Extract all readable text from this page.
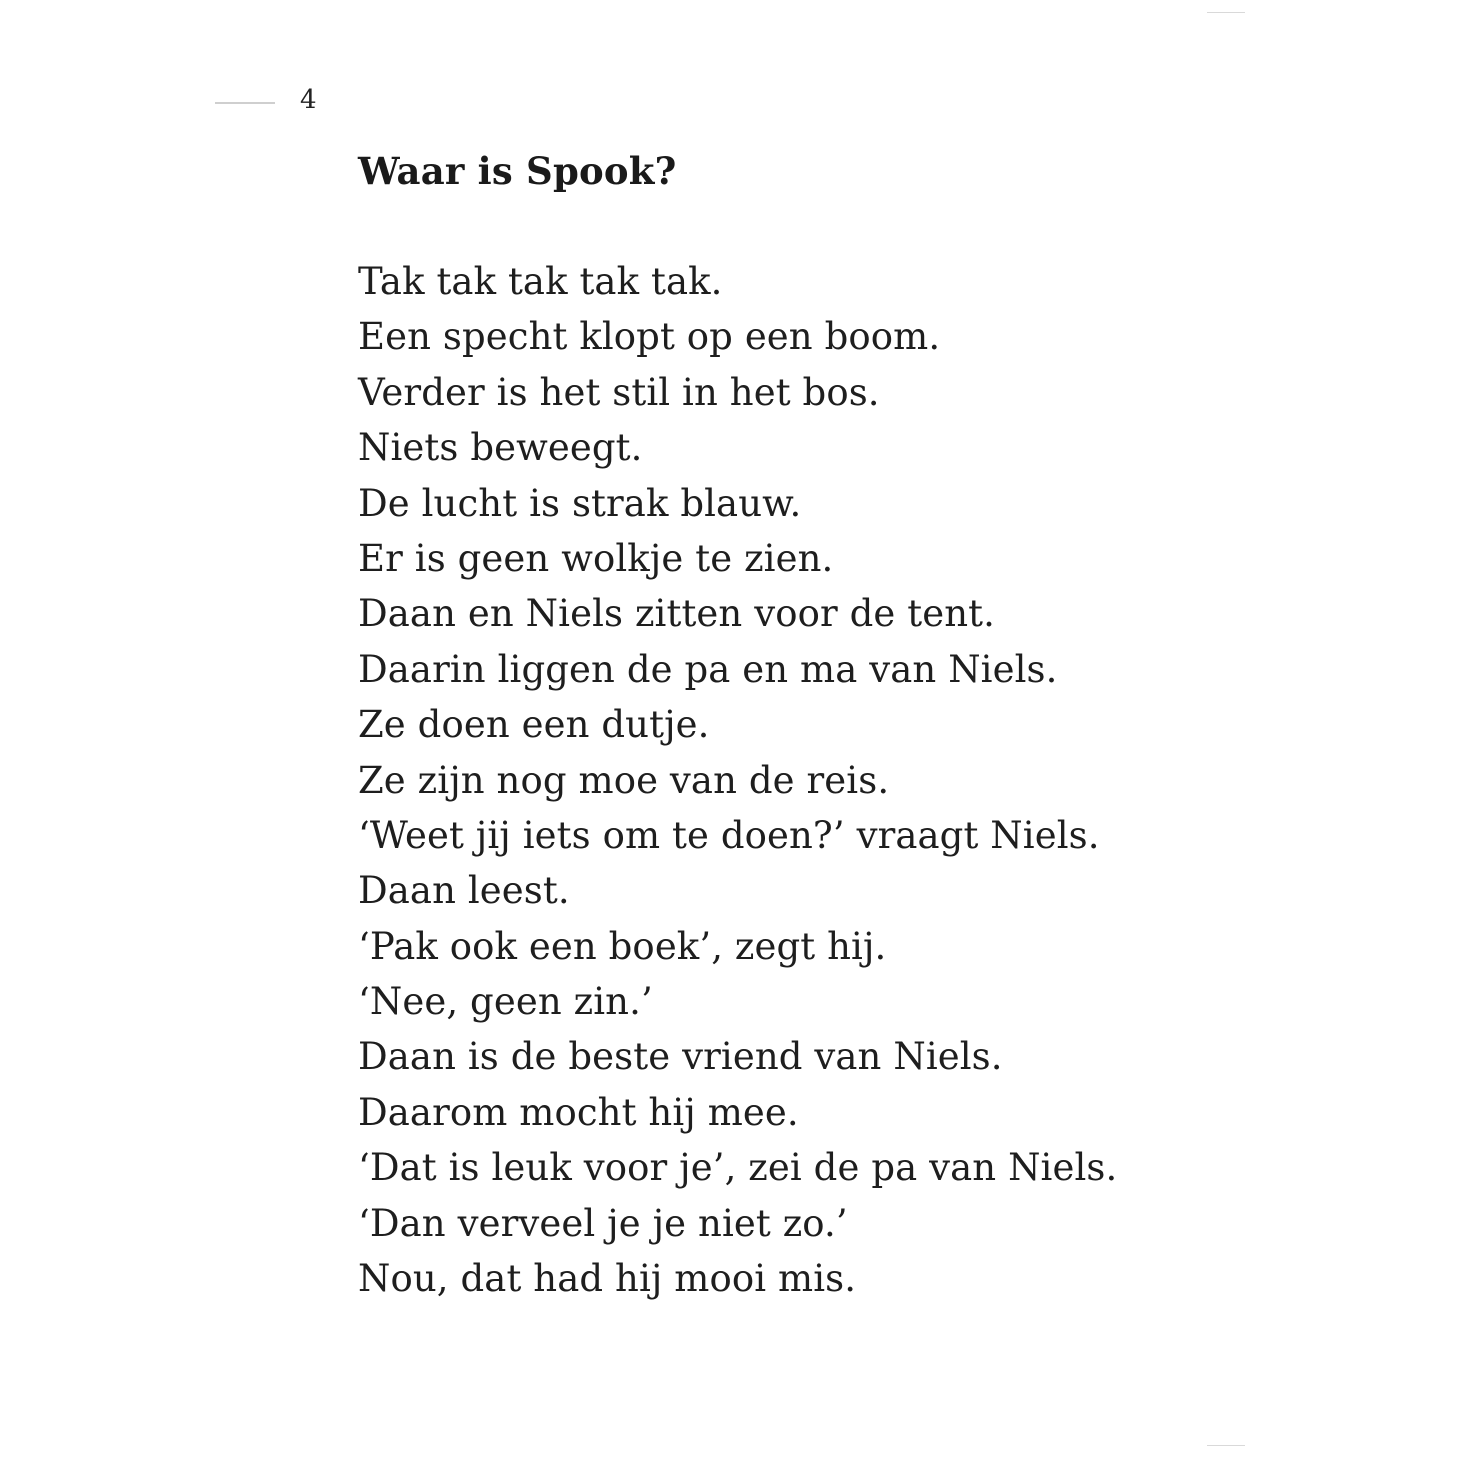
4
Waar is Spook?
Tak tak tak tak tak.
Een specht klopt op een boom.
Verder is het stil in het bos.
Niets beweegt.
De lucht is strak blauw.
Er is geen wolkje te zien.
Daan en Niels zitten voor de tent.
Daarin liggen de pa en ma van Niels.
Ze doen een dutje.
Ze zijn nog moe van de reis.
‘Weet jij iets om te doen?’ vraagt Niels.
Daan leest.
‘Pak ook een boek’, zegt hij.
‘Nee, geen zin.’
Daan is de beste vriend van Niels.
Daarom mocht hij mee.
‘Dat is leuk voor je’, zei de pa van Niels.
‘Dan verveel je je niet zo.’
Nou, dat had hij mooi mis.
